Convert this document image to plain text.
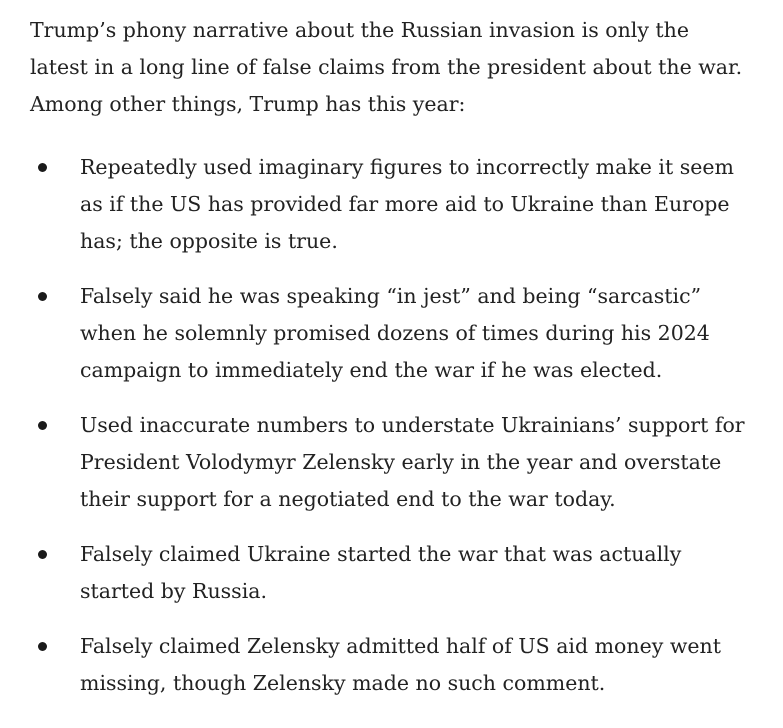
Trump’s phony narrative about the Russian invasion is only the latest in a long line of false claims from the president about the war. Among other things, Trump has this year:

Repeatedly used imaginary figures to incorrectly make it seem as if the US has provided far more aid to Ukraine than Europe has; the opposite is true.
Falsely said he was speaking “in jest” and being “sarcastic” when he solemnly promised dozens of times during his 2024 campaign to immediately end the war if he was elected.
Used inaccurate numbers to understate Ukrainians’ support for President Volodymyr Zelensky early in the year and overstate their support for a negotiated end to the war today.
Falsely claimed Ukraine started the war that was actually started by Russia.
Falsely claimed Zelensky admitted half of US aid money went missing, though Zelensky made no such comment.
